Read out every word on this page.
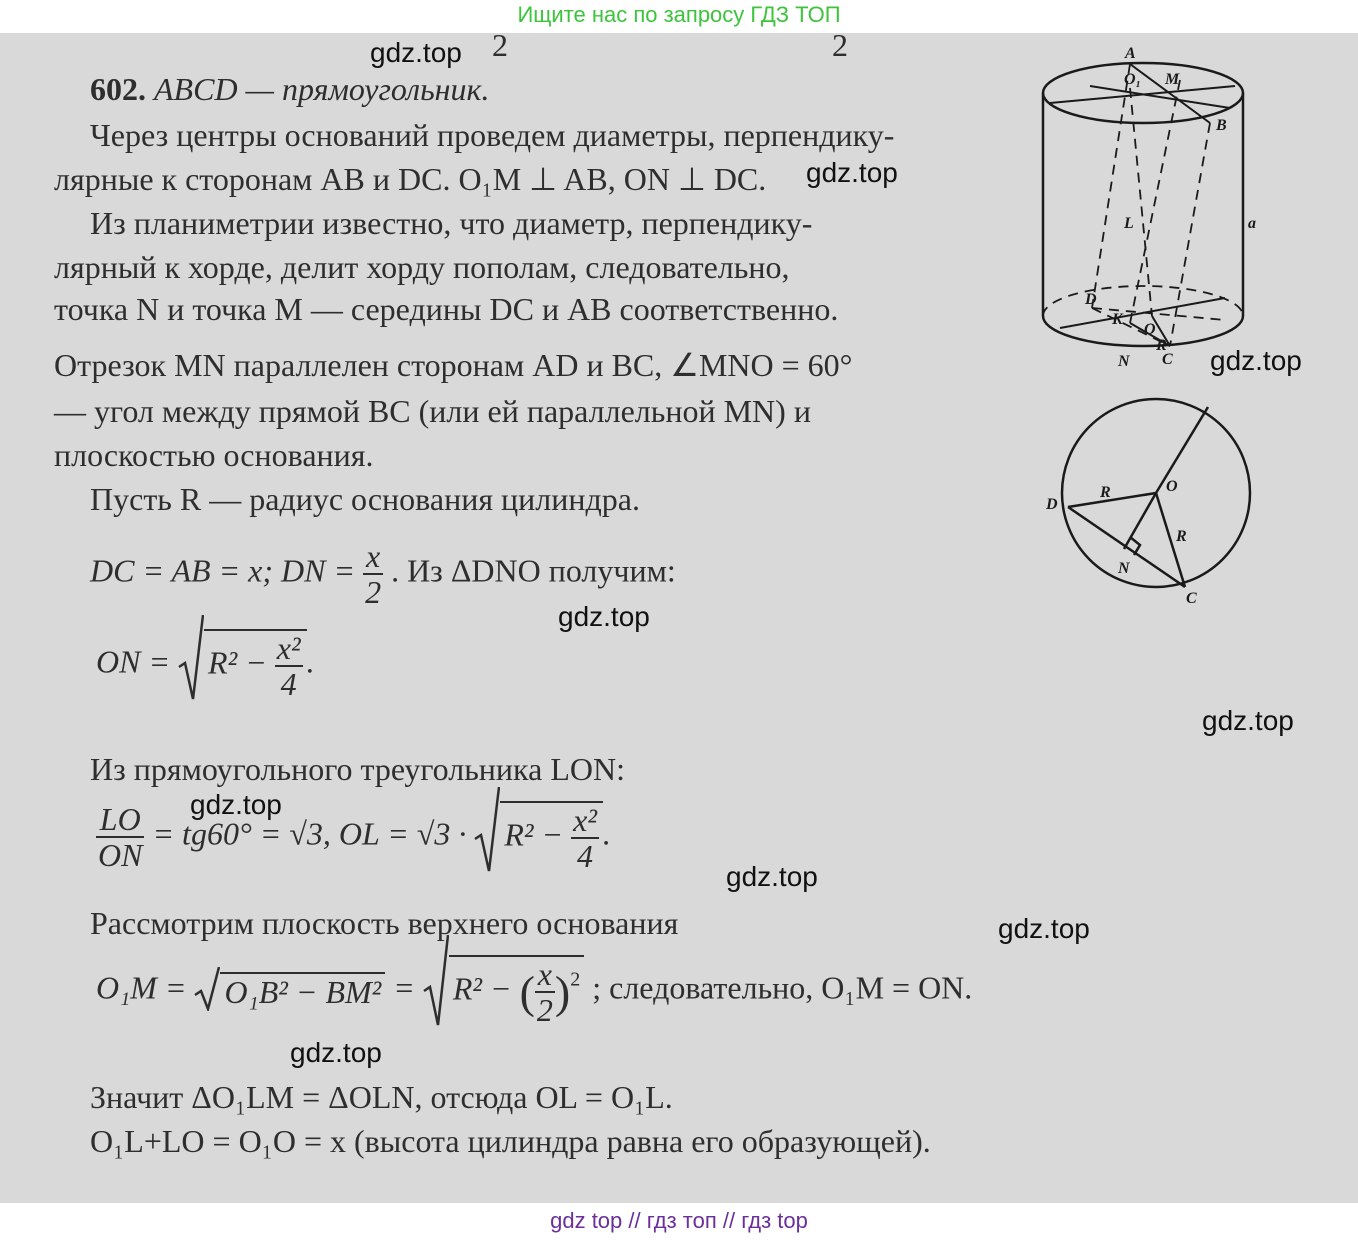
Ищите нас по запросу ГДЗ ТОП
2	2
602. ABCD — прямоугольник.
Через центры оснований проведем диаметры, перпендику-
лярные к сторонам AB и DC. O₁M ⊥ AB, ON ⊥ DC.
Из планиметрии известно, что диаметр, перпендику-
лярный к хорде, делит хорду пополам, следовательно,
точка N и точка M — середины DC и AB соответственно.
Отрезок MN параллелен сторонам AD и BC, ∠MNO = 60°
— угол между прямой BC (или ей параллельной MN) и
плоскостью основания.
Пусть R — радиус основания цилиндра.
DC = AB = x; DN = $\frac{x}{2}$ . Из ΔDNO получим:
ON = $R^2 - \frac{\text{x²}}{4}$ .
Из прямоугольного треугольника LON:
$\frac{LO}{ON} = tg60^\circ = √3$, OL = $√3 \cdot R^2 - \frac{\text{x²}}{4}$ .
Рассмотрим плоскость верхнего основания
O₁M = O₁B² − BM² = R² − ( $\frac{x}{2} )^2$ ; следовательно, O₁M = ON.
Значит ΔO₁LM = ΔOLN, отсюда OL = O₁L.
O₁L+LO = O₁O = x (высота цилиндра равна его образующей).
A
O₁ M
B
a
L
D
K
O
N
R
C
D
R	O
R
N
C
gdz.top
gdz.top
gdz.top
gdz.top
gdz.top
gdz.top
gdz.top
gdz.top
gdz.top
gdz top // гдз топ // гдз top
